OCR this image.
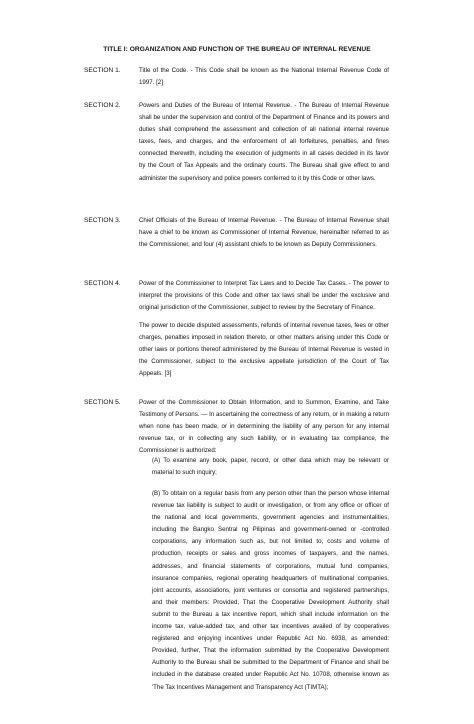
TITLE I: ORGANIZATION AND FUNCTION OF THE BUREAU OF INTERNAL REVENUE
SECTION 1.	Title of the Code. - This Code shall be known as the National Internal Revenue Code of 1997. [2]
SECTION 2.	Powers and Duties of the Bureau of Internal Revenue. - The Bureau of Internal Revenue shall be under the supervision and control of the Department of Finance and its powers and duties shall comprehend the assessment and collection of all national internal revenue taxes, fees, and charges, and the enforcement of all forfeitures, penalties, and fines connected therewith, including the execution of judgments in all cases decided in its favor by the Court of Tax Appeals and the ordinary courts. The Bureau shall give effect to and administer the supervisory and police powers conferred to it by this Code or other laws.
SECTION 3.	Chief Officials of the Bureau of Internal Revenue. - The Bureau of Internal Revenue shall have a chief to be known as Commissioner of Internal Revenue, hereinafter referred to as the Commissioner, and four (4) assistant chiefs to be known as Deputy Commissioners.
SECTION 4.	Power of the Commissioner to Interpret Tax Laws and to Decide Tax Cases. - The power to interpret the provisions of this Code and other tax laws shall be under the exclusive and original jurisdiction of the Commissioner, subject to review by the Secretary of Finance.
The power to decide disputed assessments, refunds of internal revenue taxes, fees or other charges, penalties imposed in relation thereto, or other matters arising under this Code or other laws or portions thereof administered by the Bureau of Internal Revenue is vested in the Commissioner, subject to the exclusive appellate jurisdiction of the Court of Tax Appeals. [3]
SECTION 5.	Power of the Commissioner to Obtain Information, and to Summon, Examine, and Take Testimony of Persons. — In ascertaining the correctness of any return, or in making a return when none has been made, or in determining the liability of any person for any internal revenue tax, or in collecting any such liability, or in evaluating tax compliance, the Commissioner is authorized:
(A) To examine any book, paper, record, or other data which may be relevant or material to such inquiry;
(B) To obtain on a regular basis from any person other than the person whose internal revenue tax liability is subject to audit or investigation, or from any office or officer of the national and local governments, government agencies and instrumentalities, including the Bangko Sentral ng Pilipinas and government-owned or -controlled corporations, any information such as, but not limited to, costs and volume of production, receipts or sales and gross incomes of taxpayers, and the names, addresses, and financial statements of corporations, mutual fund companies, insurance companies, regional operating headquarters of multinational companies, joint accounts, associations, joint ventures or consortia and registered partnerships, and their members: Provided, That the Cooperative Development Authority shall submit to the Bureau a tax incentive report, which shall include information on the income tax, value-added tax, and other tax incentives availed of by cooperatives registered and enjoying incentives under Republic Act No. 6938, as amended: Provided, further, That the information submitted by the Cooperative Development Authority to the Bureau shall be submitted to the Department of Finance and shall be included in the database created under Republic Act No. 10708, otherwise known as 'The Tax Incentives Management and Transparency Act (TIMTA);
